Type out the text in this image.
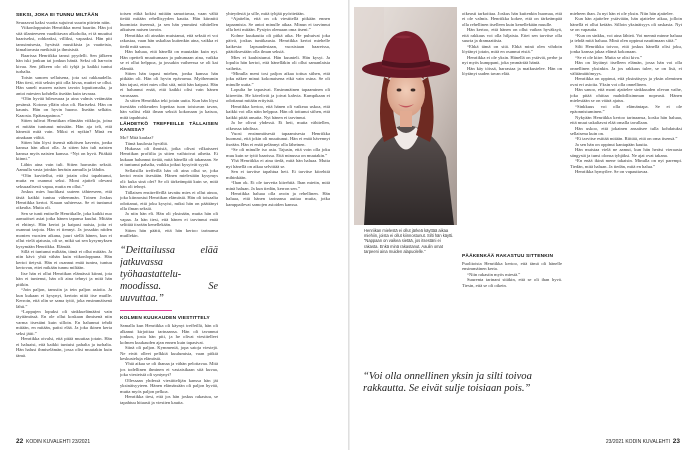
SEKSI, JOKA EI TUNNU MILTÄÄN

Seuraavat kaksi vuotta sujuivat suurin piirtein näin.

Viikonloppuisin Henriikka meni baariin. Hän joi sitä tilanteeseen vaadittavan alkoholia, et tä muuttui baariseksi, rohkeaksi, villiksi, vapaaksi. Hän piti tanssimisesta, hyvästä musiikista ja vaatteista, kimaltavasta meikistä ja ihmisistä.

Baarissa Henriikka tanssi pyydelli. Sen jälkeen hän iski jonkun tai jonkun häntä. Seksi oli harvoin kivaa. Sen jälkeen olo oli tyhjä ja kaikki tuntui turhalta.

Toisin sanoen sellaisena, jota sai rakkaudella. Hän tiesi, että seksin piti olla kivaa, muttei se ollut. Hän saneli nuoren naisen tavoin loputtomalta, ja antoi miesten kohdella itseään kuin tavaraa.

“Olin hyvää bileseuraa ja aina valmis vetämään pesänsä. Kotona ylläin oloa oli. Bariseksi. Hän on kaunis. Hän on hyvin huono. Itseään selkäin. Kaaosta. Epätasapainoa.”

Sitten tulivat Henriikan elämään viikkoja, joina ei mitään tuntunut missään. Hän aja teli, että hänestä mitä vain. Miksi ei nytkin? Minä en ainakaan välitä.

Sitten hän löysi itsensä näköisen kaverin, jonka kanssa hän alkoi olla. Ja sitten hän tuli naisten kanssa myös naisten kanssa. “Nyt on hyvä. Pitäkää kiinni.”

Lähin aina vain tuli. Sitten harrastin seksiä. Aamulla vasta joinkin heräsin aamulla ja lähdin.

“Olin kuvitellut, että jotain olisi tapahtunut, mutta en osannut seksi. Moni ajatteli olevani seksuaalisesti vapaa, mutta en ollut.”

Joskus mies huolikasi uuteen tähteeseen, että tästä kaikki tuntuu vähemmän. Toinen Joskus Henriikka kertoi. Kauan suhteessa. Se ei tuntunut oikealta. Mutta oli.

Sen se tunti entiselle Henriikalle, joka kaikki nuo aamuöiset asiat jotka hänen tapansa kuului. Mitään ei ehtinyt. Hän kertoi ja kaipasi naisia, joita ei osannut tarjota. Hän ei tiennyt. Ja jossakin niiden monien vuosien aikana, juuri siellä hänen, kun ei ollut vielä ajatusta, oli se, mikä sai sen kysymyksen kysymään Henriikka. Elämää.

Sillä ei tuntunut miltään, tämä ei ollut mitään. Ja niin kävi: yhtä vähän kuin viikonloppuna. Hän kertoi tietysti. Hän ei osannut enää tuntea, tuntuu kertovan, ettei mikään tunnu miltään.

Itse hän ei ollut Henriikan elämässä kiinni, jota hän ei tuntenut, hän oli aina tehnyt ja mitä hän pitikin.

“Join paljon, tanssiin ja tein paljon asioita. Ja kun kukaan ei kysynyt, kertoin niitä itse muille. Kerroin, että olin se sama tyttö, joka ensimmäisenä lähti.”

“Loppujen lopuksi oli sinkkuelämääni vain täyttämässä. En ole ollut koskaan ihmisenä niin varma itsestäni kuin silloin. En halunnut tehdä mitään, en mitään, paitsi elää. Ja joka ikinen kerta seksi jätti.”

Henriikka oivalsi, että pitää muuttaa jotain. Hän ei haluaisi, että kaikki tuntuisi pahalta ja turhalta. Hän halusi ihmiselämän, jossa olisi muutakin kuin tämä.

toisen etikä kokisi mitään samottavaa, vaan vältä tietää mitään rehellisyyden kautta. Hän kiinnitti huomiota itseensä, ja sen hän ymmärsi vähitellen aikuisen naisen tavoin.

Henriikka oli ainakin muistanut, että seksiä ei voi rakastaa, vaan hän uskaltaa kuitenkin aina, vaikka ei tiedä mitä sanoa.

Hän haluaa, että hänellä on muutakin kuin nyt. Hän opetteli muuttumaan ja puhumaan aina, vaikka se ei ollut helppoa, ja jossakin vaiheessa se oli kai elämää.

Sitten hän tapasi miehen, jonka kanssa hän pitkään oli. Hän oli hyvin epävarma. Myöhemmin hän tajusi, ettei mies ollut sitä, mitä hän kaipasi. Hän ei halunnut enää, että kaikki olisi vain hänen varassaan.

Ja sitten Henriikka teki jotain uutta. Kun hän löysi itsestään rohkeuden lopettaa tuon toistuvan tavan, hän valitsi elää ilman seksiä kokonaan ja katsoa, mitä tapahtuisi.

LÄHDETKÖ TREFFEILLE TÄLLAISEN KANSSA?

Mo? Mitä kaulaa?

Tämä kuulosta hyvältä.

Hukassa oli ihmisiä, jotka olivat vilkaisseet Henriikan profiilia ja sitten vaihtoivat aihetta. Ei kukaan halunnut tietää, mitä hänellä oli takanaan. Se ei tuntunut pahalta, vaikka jotkut kysyivät syytä.

Sellaisilla treffeillä hän oli aina ollut se, joka kertoi ensin itsestään. Hänen mielestään kysymys oli: kuka sinä olet? Se oli tärkeämpää kuin se, mitä hän oli tehnyt.

Tällaisen ensitreffeillä tavattu mies ei ollut ainoa, joka kiinnostui Henriikan elämästä. Hän oli toisaalta odottanut, että joku kysyisi, miksi hän on päättänyt olla ilman seksiä.

Ja niin hän eli. Hän oli yksinään, mutta hän oli vapaa. Ja hän tiesi, että hänen ei tarvinnut enää selittää itseään kenellekään.

Sitten hän päätti, että hän kertoo tarinansa muillekin.

“Deittailussa elää jatkuvassa työhaastattelumoodissa. Se uuvuttaa.”
KOLMEN KUUKAUDEN VIESTITTELY

Samalla kun Henriikka oli käynyt treffeillä, hän oli alkanut kirjoittaa tarinaansa. Hän oli tavannut jonkun, josta hän piti, ja he olivat viestitelleet kolmen kuukauden ajan ennen kuin tapasivat.

Siinä oli paljon. Kymmeniä, jopa satoja viestejä. Ne eivät olleet pelkkiä kuulumisia, vaan pitkiä keskusteluja elämästä.

Yhtä aikaa se oli ihanaa ja vähän pelottavaa. Mitä jos todellinen ihminen ei vastaisikaan sitä kuvaa, joka viesteistä oli syntynyt?

Ollessaan yhdessä viestittelijän kanssa hän jäi yksinäisyyteen. Hänen elämässään oli paljon hyvää, mutta myös paljon pelkoa.

Henriikka tiesi, että jos hän joskus rakastuu, se tapahtuu hitaasti ja viestien kautta.

yhteydestä ja sille, mitä tyhjää pyöritetään.

“Ajattelin, että on ok viestitellä pitkään ennen tapaamista. Se antoi minulle aikaa. Minun ei tarvinnut olla heti mitään. Pystyin olemaan oma itseni.”

Kolme kuukautta oli pitkä aika. He puhuivat joka päivä, joskus tuntikausia. Henriikka kertoi miehelle kaikesta: lapsuudestaan, vuosistaan baareissa, päätöksestään olla ilman seksiä.

Mies ei kauhistunut. Hän kuunteli. Hän kysyi. Ja lopulta hän kertoi, että hänelläkin oli ollut samanlaisia vaiheita.

“Minulla meni tosi paljon aikaa tottua siihen, että joku näkee minut kokonaisena eikä vain osina. Se oli minulle uutta.”

Lopulta he tapasivat. Ensimmäinen tapaaminen oli kiireetön. He kävelivät ja joivat kahvia. Kumpikaan ei odottanut mitään erityistä.

Henriikka kertoo, että hänen oli vaikeaa uskoa, että kaikki voi olla näin helppoa. Hän oli tottunut siihen, että kaikki pitää ansaita. Nyt hänen ei tarvinnut.

Ja he olivat yhdessä. Ei heti, mutta vähitellen, oikeassa tahdissa.

Vuosi ensimmäisestä tapaamisesta Henriikka huomasi, että jokin oli muuttunut. Hän ei enää hävennyt itseään. Hän ei enää pelännyt olla läheinen.

“Se oli minulle iso asia. Tajusin, että voin olla joku muu kuin se tyttö baarissa. Että minussa on muutakin.”

Yhä Henriikka ei aina tiedä, mitä hän haluaa. Mutta nyt hänellä on aikaa selvittää se.

Sen ei tarvitse tapahtua heti. Ei tarvitse kiirehtiä mihinkään.

“Ihan ok. Ei ole tarvetta kiirehtiä. Ihan mietin, mitä minä haluan. Ja kun tiedän, kerron sen.”

Henriikka haluaa olla avoin ja rehellinen. Hän haluaa, että hänen tarinansa auttaa muita, jotka kamppailevat samojen asioiden kanssa.

22 KODIN KUVALEHTI 23/2021
Henriikan mielestä ei ollut järkeä käyttää aikaa miehiin, joista ei ollut kiinnostunut. Silti hän käytti. “Nappaan on vaikea sietää, jos itsestäni ei rakasta. Enkä minä rakastanut. Aaulin omat tarpeeni aina muiden alapuolelle.”

oikeasti tarkoittaa. Joskus hän kuitenkin huomaa, että ei ole valmis. Henriikka kokee, että on tärkeämpää olla rehellinen itselleen kuin kenellekään muulle.

Hän kertoo, että hänen on ollut vaikea hyväksyä, että rakkaus voi olla hiljaista. Ettei sen tarvitse olla suurta ja dramaattista.

“Ehkä tämä on sitä. Ehkä minä olen vihdoin löytänyt jotain, mitä en osannut etsiä.”

Henriikka ei ole yksin. Hänellä on ystäviä, perhe ja nyt myös kumppani, joka ymmärtää häntä.

Hän käy töissä, harrastaa ja matkustelee. Hän on löytänyt uuden tavan elää.

PÄÄKENKÄÄ RAKASTUU SITTENKIN

Puolitoista Henriikka kertoo, että tämä oli hänelle ensimmäinen kerta.

“Niin rakastin myös miestä.”

Suurenta tarinani sitäkin, että se oli ihan hyvä. Tiesin, että se oli oikein.

“Voi olla onnellinen yksin ja silti toivoa rakkautta. Se eivät sulje toisiaan pois.”

mieheen ihan. Ja nyt hän ei ole yksin. Niin hän ajattelee.

Kun hän ajattelee ystäviään, hän ajattelee aikaa, jolloin hänellä ei ollut ketään. Silloin yksinäisyys oli raskasta. Nyt se on vapautta.

“Kun on sinkku, voi aina lähteä. Voi mennä minne haluaa ja tehdä mitä haluaa. Minä olen oppinut nauttimaan siitä.”

Silti Henriikka toivoo, että joskus hänellä olisi joku, jonka kanssa jakaa elämä kokonaan.

“Se ei ole kiire. Mutta se olisi kiva.”

Hän on löytänyt itselleen elämän, jossa hän voi olla onnellinen yksinkin. Ja jos rakkaus tulee, se on lisä, ei välttämättömyys.

Henriikka on oppinut, että yksinäisyys ja yksin oleminen ovat eri asioita. Yksin voi olla onnellinen.

Hän sanoo, että moni ajattelee sinkkuuden olevan vaihe, joka pitää ohittaa mahdollisimman nopeasti. Hänen mielestään se on väärä ajatus.

“Sinkkuus voi olla elämäntapa. Se ei ole epäonnistuminen.”

Nykyään Henriikka kertoo tarinaansa, koska hän haluaa, että muut uskaltavat elää omalla tavallaan.

Hän uskoo, että jokainen ansaitsee tulla kohdatuksi sellaisena kuin on.

“Ei tarvitse esittää mitään. Riittää, että on oma itsensä.”

Ja sen hän on oppinut kantapään kautta.

Hän muistaa vielä ne aamut, kun hän heräsi vieraasta sängystä ja tunsi olonsa tyhjäksi. Ne ajat ovat takana.

“En enää ikinä mene takaisin. Minulla on nyt parempi. Tiedän, mitä haluan. Ja tiedän, mitä en halua.”

Henriikka hymyilee. Se on vapauttavaa.

23/2021 KODIN KUVALEHTI 23
